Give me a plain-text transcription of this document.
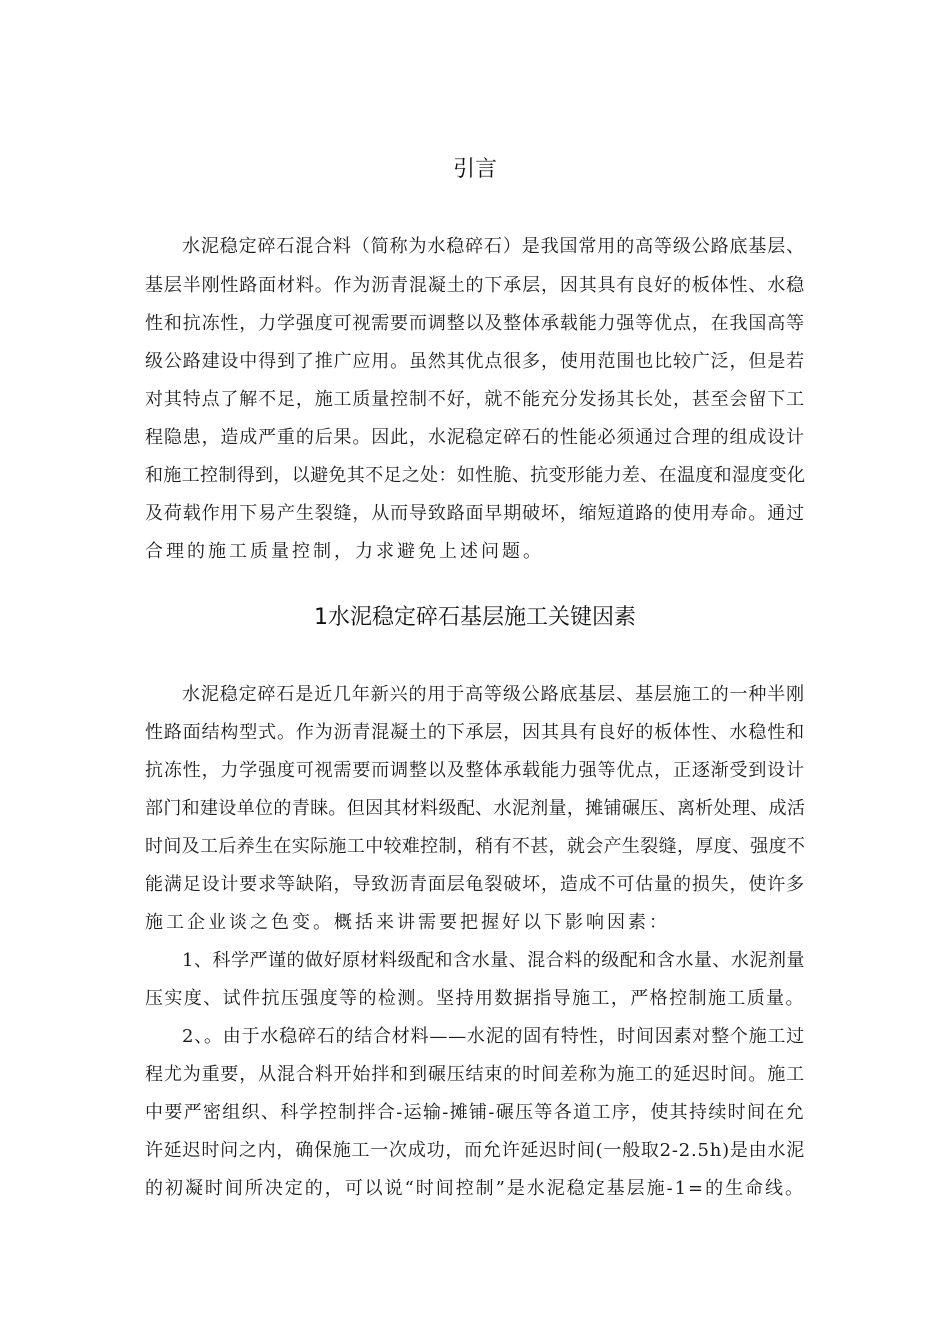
引言
水泥稳定碎石混合料（简称为水稳碎石）是我国常用的高等级公路底基层、
基层半刚性路面材料。作为沥青混凝土的下承层，因其具有良好的板体性、水稳
性和抗冻性，力学强度可视需要而调整以及整体承载能力强等优点，在我国高等
级公路建设中得到了推广应用。虽然其优点很多，使用范围也比较广泛，但是若
对其特点了解不足，施工质量控制不好，就不能充分发扬其长处，甚至会留下工
程隐患，造成严重的后果。因此，水泥稳定碎石的性能必须通过合理的组成设计
和施工控制得到，以避免其不足之处：如性脆、抗变形能力差、在温度和湿度变化
及荷载作用下易产生裂缝，从而导致路面早期破坏，缩短道路的使用寿命。通过
合理的施工质量控制，力求避免上述问题。
1水泥稳定碎石基层施工关键因素
水泥稳定碎石是近几年新兴的用于高等级公路底基层、基层施工的一种半刚
性路面结构型式。作为沥青混凝土的下承层，因其具有良好的板体性、水稳性和
抗冻性，力学强度可视需要而调整以及整体承载能力强等优点，正逐渐受到设计
部门和建设单位的青睐。但因其材料级配、水泥剂量，摊铺碾压、离析处理、成活
时间及工后养生在实际施工中较难控制，稍有不甚，就会产生裂缝，厚度、强度不
能满足设计要求等缺陷，导致沥青面层龟裂破坏，造成不可估量的损失，使许多
施工企业谈之色变。概括来讲需要把握好以下影响因素：
1、科学严谨的做好原材料级配和含水量、混合料的级配和含水量、水泥剂量
压实度、试件抗压强度等的检测。坚持用数据指导施工，严格控制施工质量。
2、。由于水稳碎石的结合材料——水泥的固有特性，时间因素对整个施工过
程尤为重要，从混合料开始拌和到碾压结束的时间差称为施工的延迟时间。施工
中要严密组织、科学控制拌合-运输-摊铺-碾压等各道工序，使其持续时间在允
许延迟时问之内，确保施工一次成功，而允许延迟时间(一般取2-2.5h)是由水泥
的初凝时间所决定的，可以说“时间控制”是水泥稳定基层施-1=的生命线。
